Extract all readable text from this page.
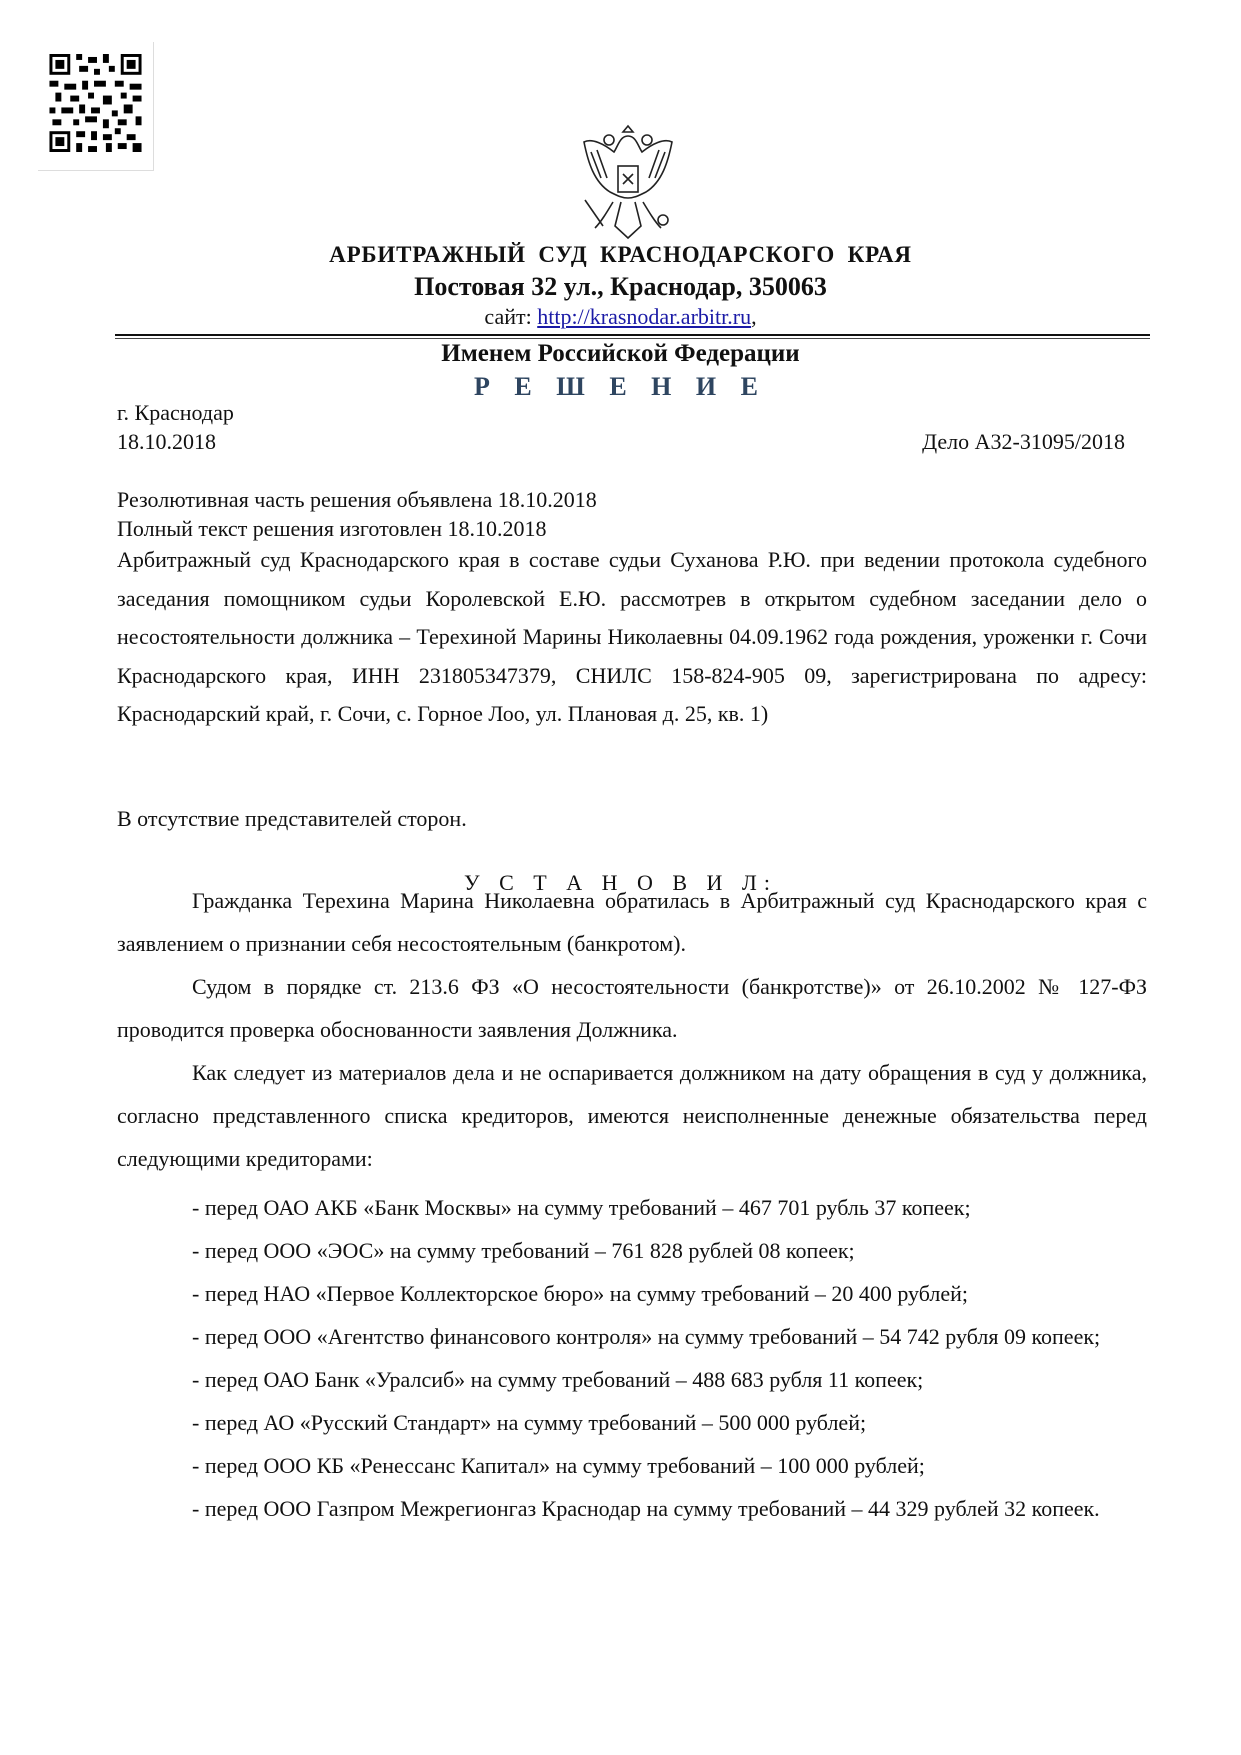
АРБИТРАЖНЫЙ СУД КРАСНОДАРСКОГО КРАЯ
Постовая 32 ул., Краснодар, 350063
сайт: http://krasnodar.arbitr.ru,
Именем Российской Федерации
Р Е Ш Е Н И Е
г. Краснодар
18.10.2018	Дело А32-31095/2018
Резолютивная часть решения объявлена 18.10.2018
Полный текст решения изготовлен 18.10.2018

Арбитражный суд Краснодарского края в составе судьи Суханова Р.Ю. при ведении протокола судебного заседания помощником судьи Королевской Е.Ю. рассмотрев в открытом судебном заседании дело о несостоятельности должника – Терехиной Марины Николаевны 04.09.1962 года рождения, уроженки г. Сочи Краснодарского края, ИНН 231805347379, СНИЛС 158-824-905 09, зарегистрирована по адресу: Краснодарский край, г. Сочи, с. Горное Лоо, ул. Плановая д. 25, кв. 1)

В отсутствие представителей сторон.
У С Т А Н О В И Л:

Гражданка Терехина Марина Николаевна обратилась в Арбитражный суд Краснодарского края с заявлением о признании себя несостоятельным (банкротом).

Судом в порядке ст. 213.6 ФЗ «О несостоятельности (банкротстве)» от 26.10.2002 № 127-ФЗ проводится проверка обоснованности заявления Должника.

Как следует из материалов дела и не оспаривается должником на дату обращения в суд у должника, согласно представленного списка кредиторов, имеются неисполненные денежные обязательства перед следующими кредиторами:

- перед ОАО АКБ «Банк Москвы» на сумму требований – 467 701 рубль 37 копеек;

- перед ООО «ЭОС» на сумму требований – 761 828 рублей 08 копеек;

- перед НАО «Первое Коллекторское бюро» на сумму требований – 20 400 рублей;

- перед ООО «Агентство финансового контроля» на сумму требований – 54 742 рубля 09 копеек;

- перед ОАО Банк «Уралсиб» на сумму требований – 488 683 рубля 11 копеек;

- перед АО «Русский Стандарт» на сумму требований – 500 000 рублей;

- перед ООО КБ «Ренессанс Капитал» на сумму требований – 100 000 рублей;

- перед ООО Газпром Межрегионгаз Краснодар на сумму требований – 44 329 рублей 32 копеек.
